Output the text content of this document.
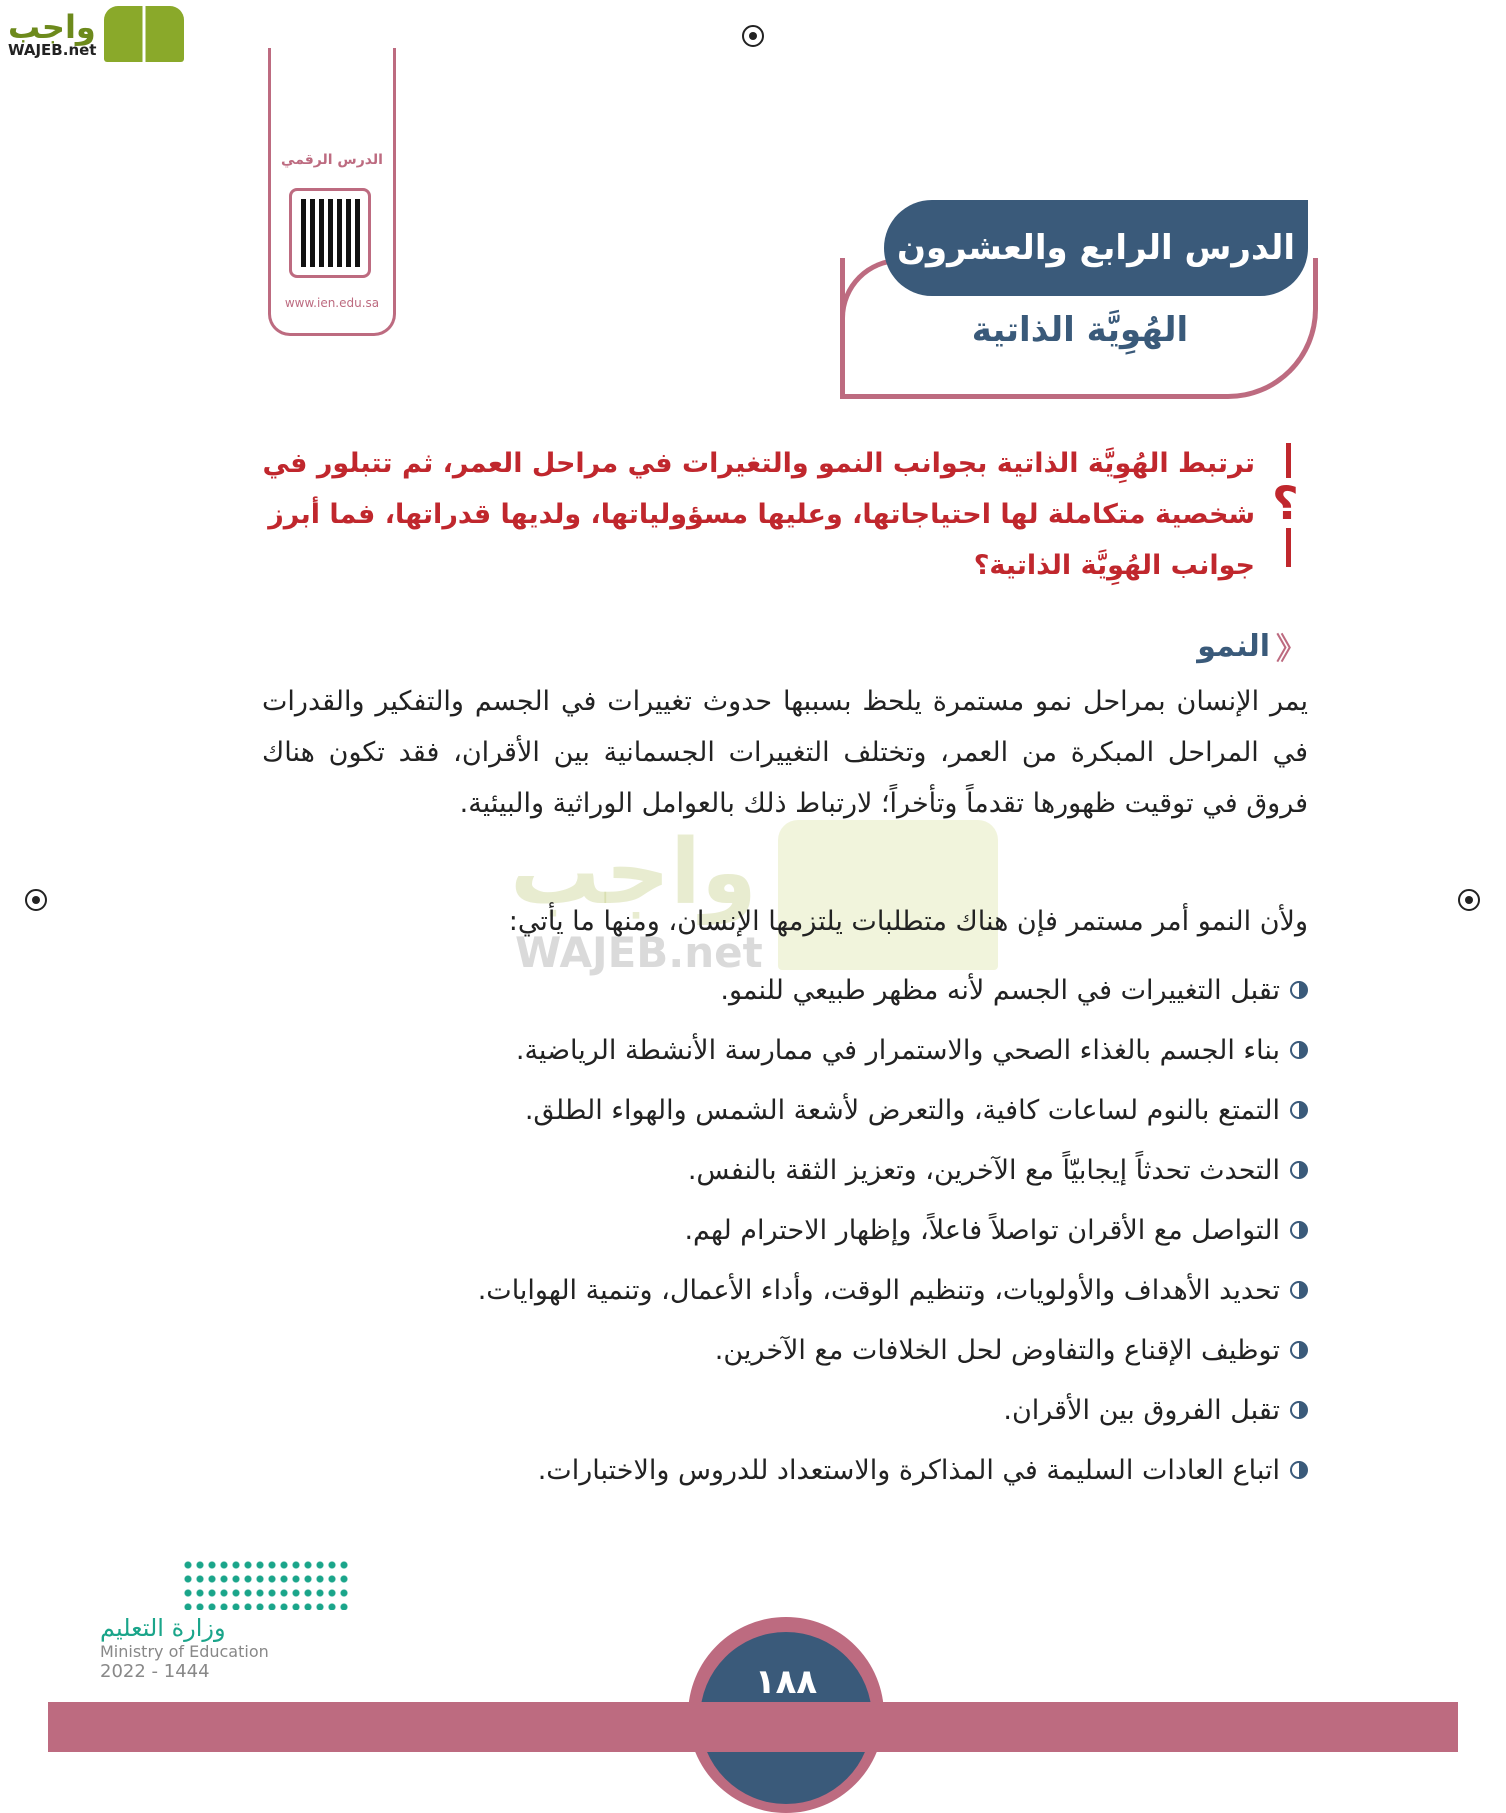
واجب
WAJEB.net
الدرس الرقمي
www.ien.edu.sa
الدرس الرابع والعشرون
الهُوِيَّة الذاتية
؟
ترتبط الهُوِيَّة الذاتية بجوانب النمو والتغيرات في مراحل العمر، ثم تتبلور في شخصية متكاملة لها احتياجاتها، وعليها مسؤولياتها، ولديها قدراتها، فما أبرز جوانب الهُوِيَّة الذاتية؟
واجب
WAJEB.net
《
النمو
يمر الإنسان بمراحل نمو مستمرة يلحظ بسببها حدوث تغييرات في الجسم والتفكير والقدرات في المراحل المبكرة من العمر، وتختلف التغييرات الجسمانية بين الأقران، فقد تكون هناك فروق في توقيت ظهورها تقدماً وتأخراً؛ لارتباط ذلك بالعوامل الوراثية والبيئية.
ولأن النمو أمر مستمر فإن هناك متطلبات يلتزمها الإنسان، ومنها ما يأتي:
تقبل التغييرات في الجسم لأنه مظهر طبيعي للنمو.
بناء الجسم بالغذاء الصحي والاستمرار في ممارسة الأنشطة الرياضية.
التمتع بالنوم لساعات كافية، والتعرض لأشعة الشمس والهواء الطلق.
التحدث تحدثاً إيجابيّاً مع الآخرين، وتعزيز الثقة بالنفس.
التواصل مع الأقران تواصلاً فاعلاً، وإظهار الاحترام لهم.
تحديد الأهداف والأولويات، وتنظيم الوقت، وأداء الأعمال، وتنمية الهوايات.
توظيف الإقناع والتفاوض لحل الخلافات مع الآخرين.
تقبل الفروق بين الأقران.
اتباع العادات السليمة في المذاكرة والاستعداد للدروس والاختبارات.
وزارة التعليم
Ministry of Education
2022 - 1444	١٨٨
